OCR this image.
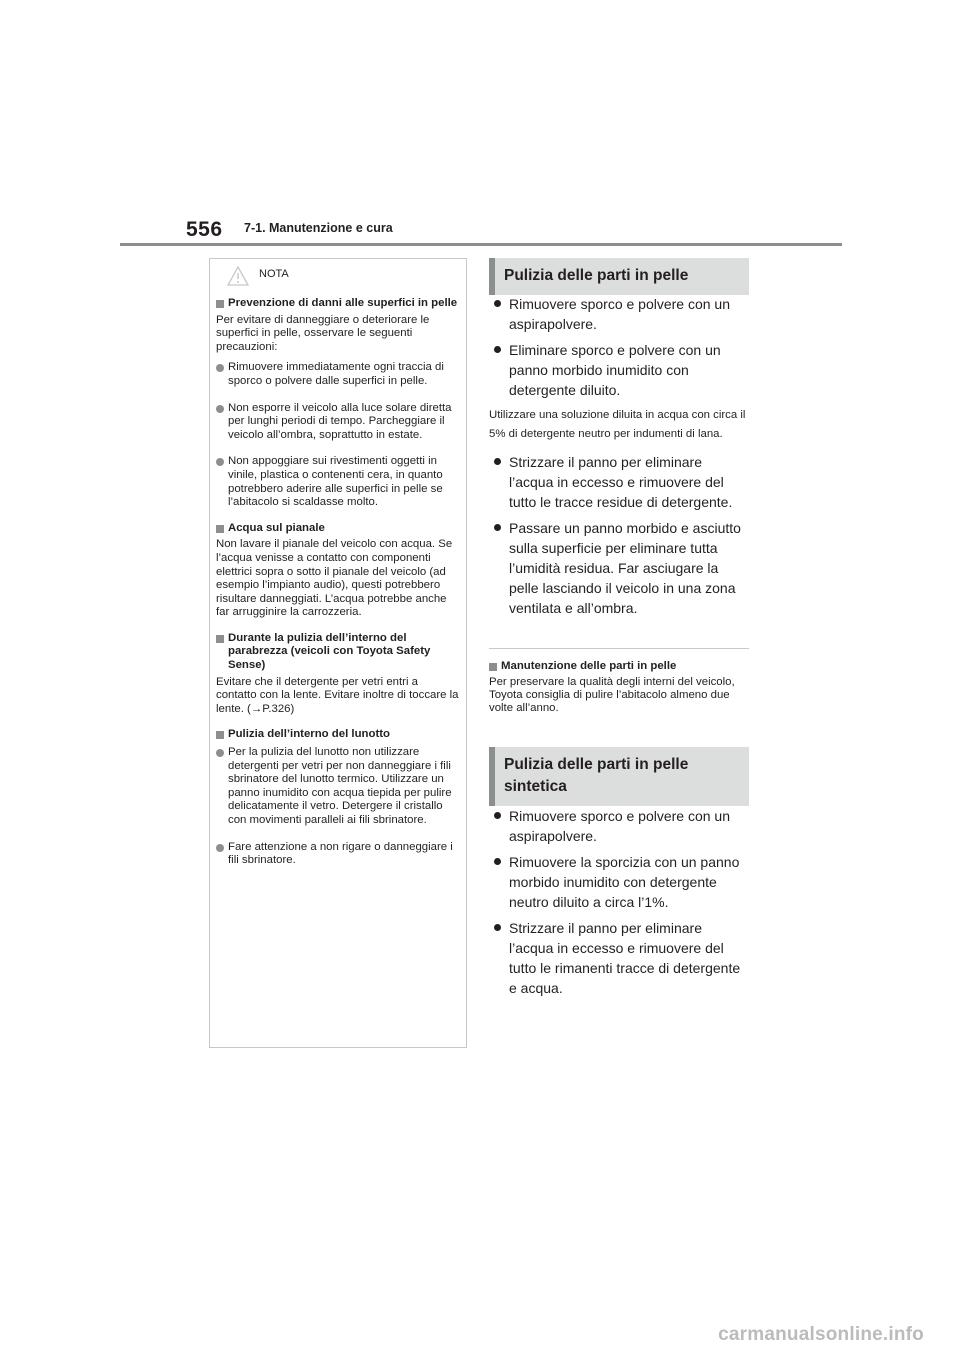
556 7-1. Manutenzione e cura
NOTA
Prevenzione di danni alle superfici in pelle
Per evitare di danneggiare o deteriorare le superfici in pelle, osservare le seguenti precauzioni:
Rimuovere immediatamente ogni traccia di sporco o polvere dalle superfici in pelle.
Non esporre il veicolo alla luce solare diretta per lunghi periodi di tempo. Parcheggiare il veicolo all’ombra, soprattutto in estate.
Non appoggiare sui rivestimenti oggetti in vinile, plastica o contenenti cera, in quanto potrebbero aderire alle superfici in pelle se l’abitacolo si scaldasse molto.
Acqua sul pianale
Non lavare il pianale del veicolo con acqua. Se l’acqua venisse a contatto con componenti elettrici sopra o sotto il pianale del veicolo (ad esempio l’impianto audio), questi potrebbero risultare danneggiati. L’acqua potrebbe anche far arrugginire la carrozzeria.
Durante la pulizia dell’interno del parabrezza (veicoli con Toyota Safety Sense)
Evitare che il detergente per vetri entri a contatto con la lente. Evitare inoltre di toccare la lente. (→P.326)
Pulizia dell’interno del lunotto
Per la pulizia del lunotto non utilizzare detergenti per vetri per non danneggiare i fili sbrinatore del lunotto termico. Utilizzare un panno inumidito con acqua tiepida per pulire delicatamente il vetro. Detergere il cristallo con movimenti paralleli ai fili sbrinatore.
Fare attenzione a non rigare o danneggiare i fili sbrinatore.
Pulizia delle parti in pelle
Rimuovere sporco e polvere con un aspirapolvere.
Eliminare sporco e polvere con un panno morbido inumidito con detergente diluito.
Utilizzare una soluzione diluita in acqua con circa il 5% di detergente neutro per indumenti di lana.
Strizzare il panno per eliminare l’acqua in eccesso e rimuovere del tutto le tracce residue di detergente.
Passare un panno morbido e asciutto sulla superficie per eliminare tutta l’umidità residua. Far asciugare la pelle lasciando il veicolo in una zona ventilata e all’ombra.
Manutenzione delle parti in pelle
Per preservare la qualità degli interni del veicolo, Toyota consiglia di pulire l’abitacolo almeno due volte all’anno.
Pulizia delle parti in pelle sintetica
Rimuovere sporco e polvere con un aspirapolvere.
Rimuovere la sporcizia con un panno morbido inumidito con detergente neutro diluito a circa l’1%.
Strizzare il panno per eliminare l’acqua in eccesso e rimuovere del tutto le rimanenti tracce di detergente e acqua.
carmanualsonline.info
